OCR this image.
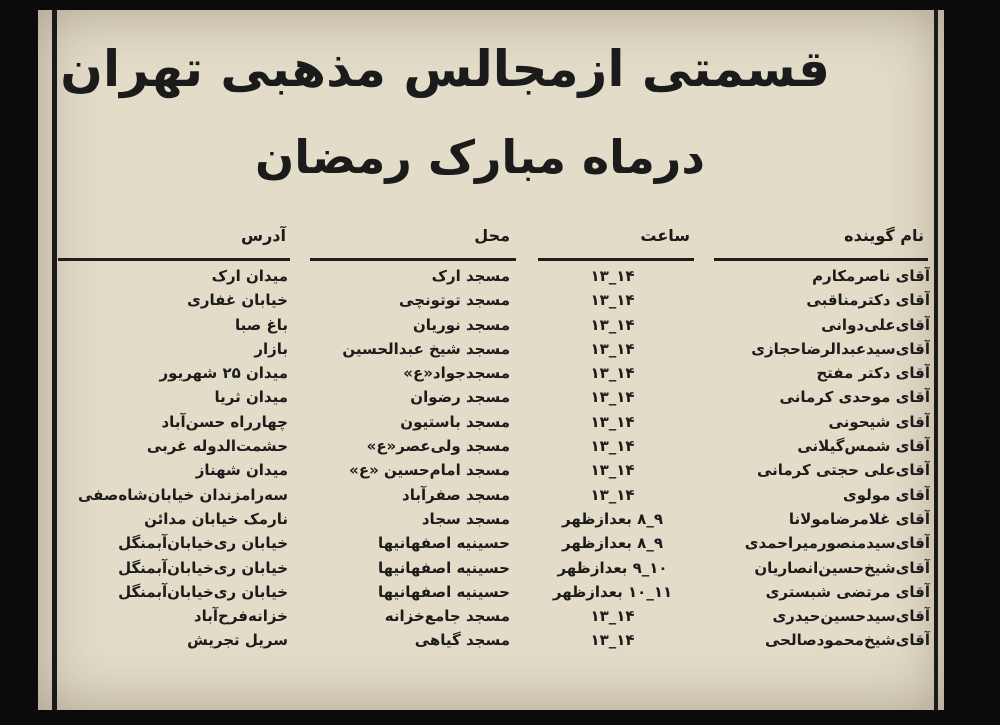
قسمتی ازمجالس مذهبی تهران
درماه مبارک رمضان
نام گوینده
ساعت
محل
آدرس
آقای ناصرمکارم
۱۴_۱۳
مسجد ارک
میدان ارک
آقای دکترمناقبی
۱۴_۱۳
مسجد توتونچی
خیابان غفاری
آقای‌علی‌دوانی
۱۴_۱۳
مسجد نوریان
باغ صبا
آقای‌سیدعبدالرضاحجازی
۱۴_۱۳
مسجد شیخ عبدالحسین
بازار
آقای دکتر مفتح
۱۴_۱۳
مسجدجواد«ع»
میدان ۲۵ شهریور
آقای موحدی کرمانی
۱۴_۱۳
مسجد رضوان
میدان ثریا
آقای شیحونی
۱۴_۱۳
مسجد باستیون
چهارراه حسن‌آباد
آقای شمس‌گیلانی
۱۴_۱۳
مسجد ولی‌عصر«ع»
حشمت‌الدوله غربی
آقای‌علی حجتی کرمانی
۱۴_۱۳
مسجد امام‌حسین «ع»
میدان شهناز
آقای مولوی
۱۴_۱۳
مسجد صفرآباد
سەرامزندان خیابان‌شاەصفی
آقای غلامرضامولانا
۹_۸ بعدازظهر
مسجد سجاد
نارمک خیابان مدائن
آقای‌سیدمنصورمیراحمدی
۹_۸ بعدازظهر
حسینیه اصفهانیها
خیابان ری‌خیابان‌آبمنگل
آقای‌شیخ‌حسین‌انصاریان
۱۰_۹ بعدازظهر
حسینیه اصفهانیها
خیابان ری‌خیابان‌آبمنگل
آقای مرتضی شبستری
۱۱_۱۰ بعدازظهر
حسینیه اصفهانیها
خیابان ری‌خیابان‌آبمنگل
آقای‌سیدحسین‌حیدری
۱۴_۱۳
مسجد جامع‌خزانه
خزانەفرح‌آباد
آقای‌شیخ‌محمودصالحی
۱۴_۱۳
مسجد گیاهی
سریل تجریش
